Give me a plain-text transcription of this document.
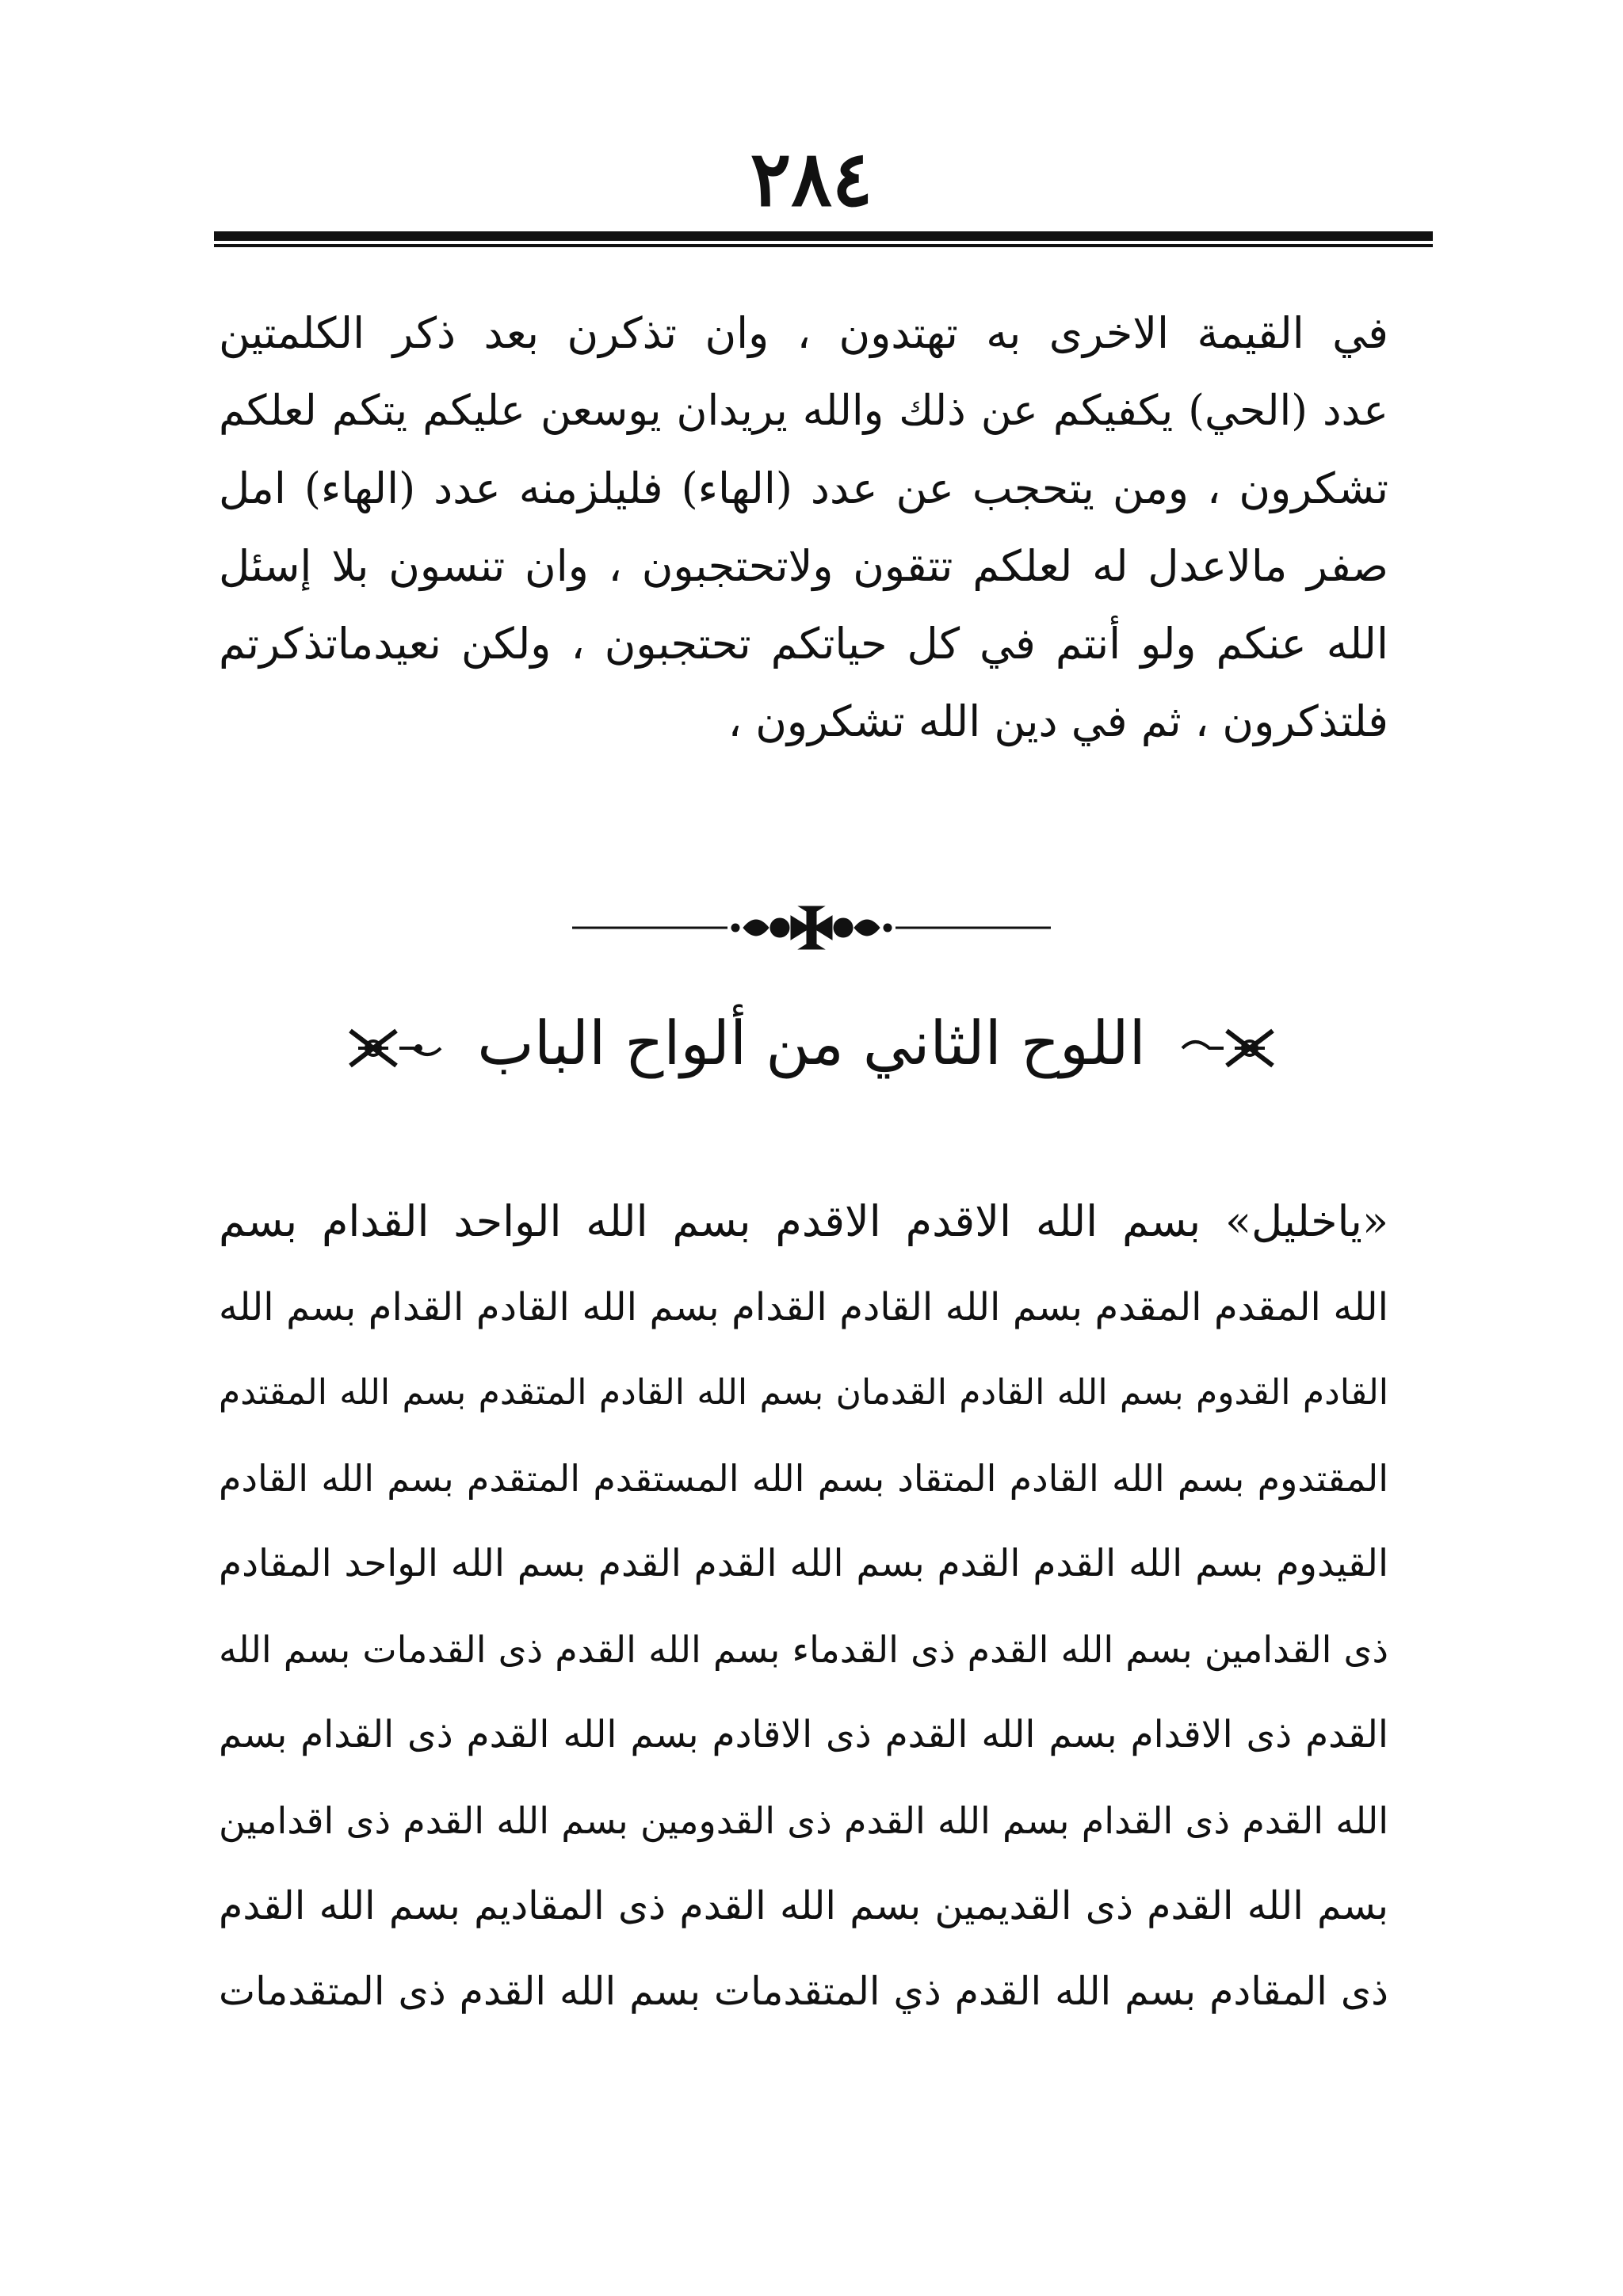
٢٨٤
في القيمة الاخرى به تهتدون ، وان تذكرن بعد ذكر الكلمتين
عدد (الحي) يكفيكم عن ذلك والله يريدان يوسعن عليكم يتكم لعلكم
تشكرون ، ومن يتحجب عن عدد (الهاء) فليلزمنه عدد (الهاء) امل
صفر مالاعدل له لعلكم تتقون ولاتحتجبون ، وان تنسون بلا إسئل
الله عنكم ولو أنتم في كل حياتكم تحتجبون ، ولكن نعيدماتذكرتم
فلتذكرون ، ثم في دين الله تشكرون ،
اللوح الثاني من ألواح الباب
«ياخليل» بسم الله الاقدم الاقدم بسم الله الواحد القدام بسم
الله المقدم المقدم بسم الله القادم القدام بسم الله القادم القدام بسم الله
القادم القدوم بسم الله القادم القدمان بسم الله القادم المتقدم بسم الله المقتدم
المقتدوم بسم الله القادم المتقاد بسم الله المستقدم المتقدم بسم الله القادم
القيدوم بسم الله القدم القدم بسم الله القدم القدم بسم الله الواحد المقادم
ذى القدامين بسم الله القدم ذى القدماء بسم الله القدم ذى القدمات بسم الله
القدم ذى الاقدام بسم الله القدم ذى الاقادم بسم الله القدم ذى القدام بسم
الله القدم ذى القدام بسم الله القدم ذى القدومين بسم الله القدم ذى اقدامين
بسم الله القدم ذى القديمين بسم الله القدم ذى المقاديم بسم الله القدم
ذى المقادم بسم الله القدم ذي المتقدمات بسم الله القدم ذى المتقدمات
